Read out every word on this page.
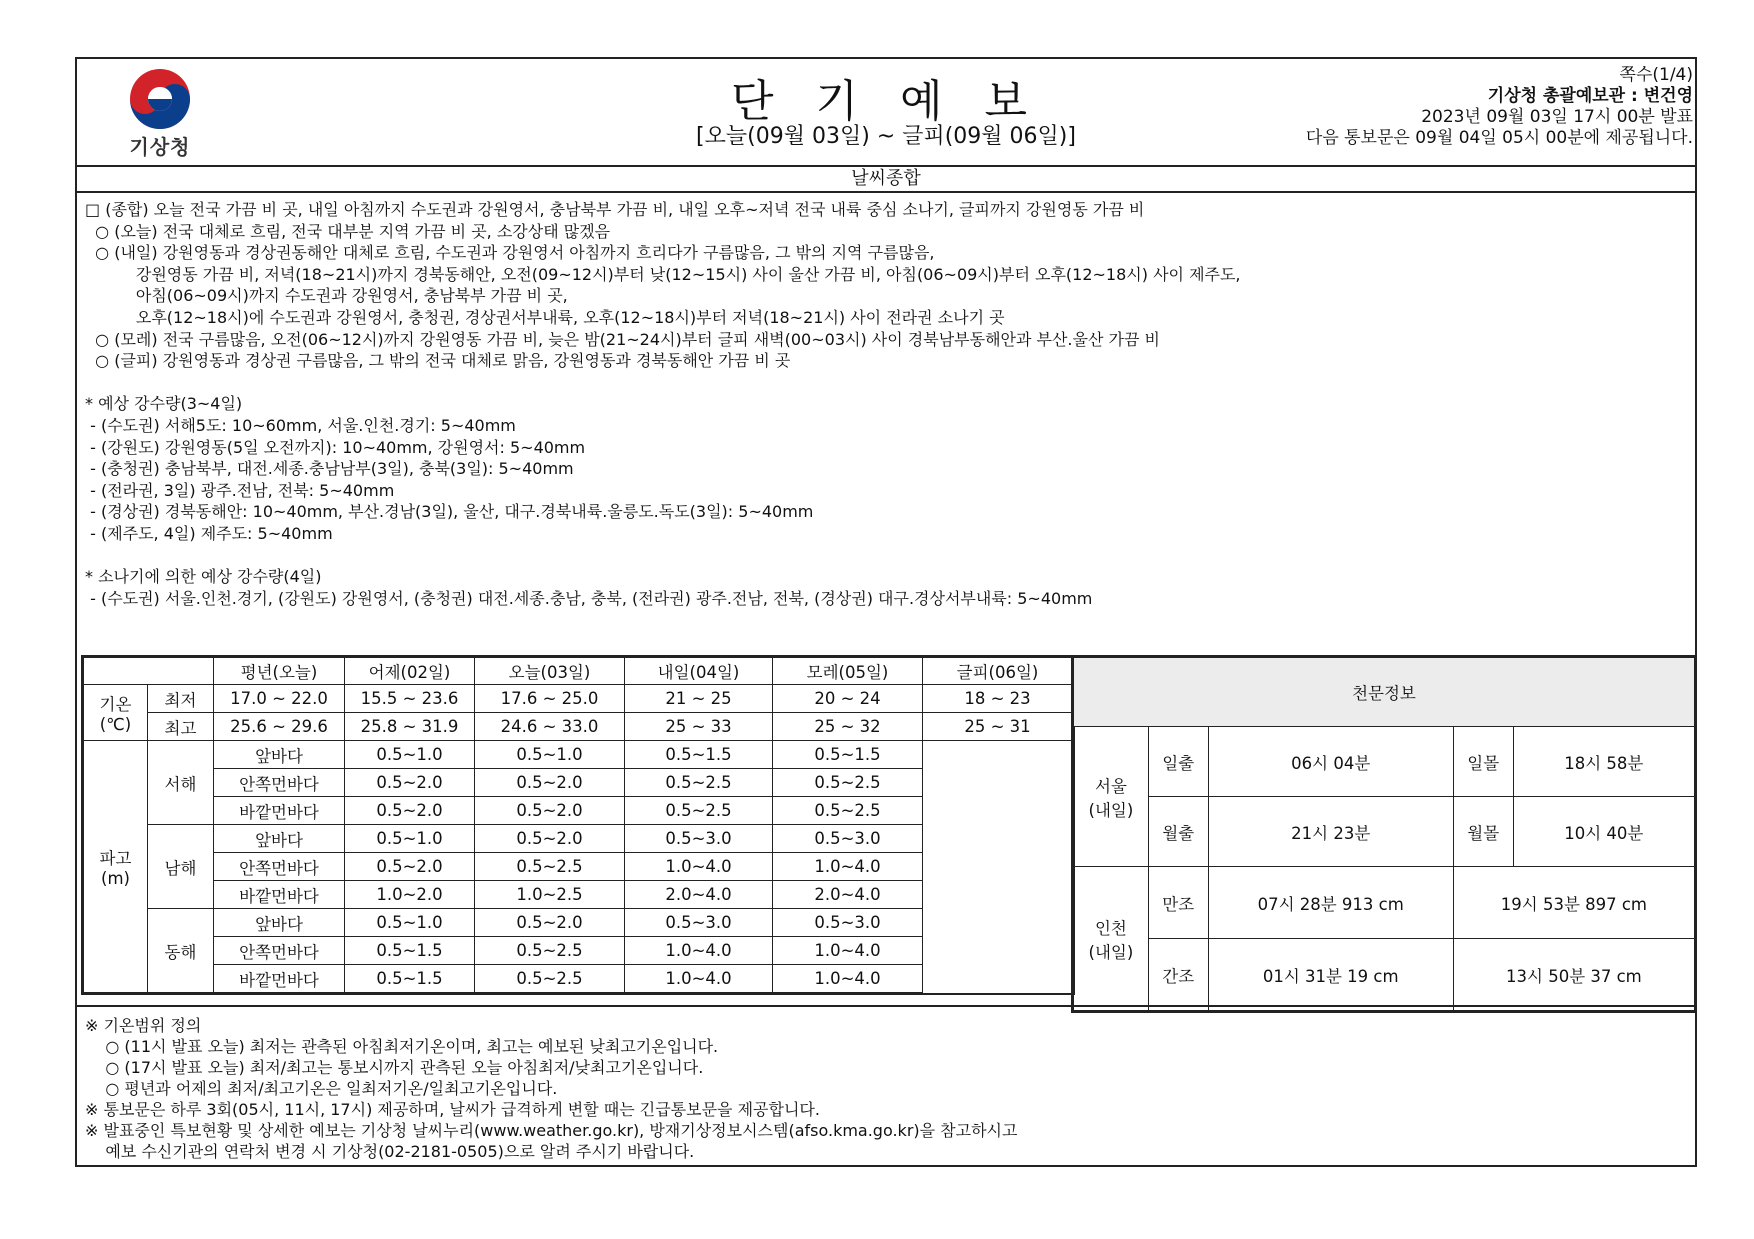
기상청
단 기 예 보
[오늘(09월 03일) ~ 글피(09월 06일)]
쪽수(1/4)
기상청 총괄예보관 : 변건영
2023년 09월 03일 17시 00분 발표
다음 통보문은 09월 04일 05시 00분에 제공됩니다.
날씨종합
□ (종합) 오늘 전국 가끔 비 곳, 내일 아침까지 수도권과 강원영서, 충남북부 가끔 비, 내일 오후~저녁 전국 내륙 중심 소나기, 글피까지 강원영동 가끔 비
○ (오늘) 전국 대체로 흐림, 전국 대부분 지역 가끔 비 곳, 소강상태 많겠음
○ (내일) 강원영동과 경상권동해안 대체로 흐림, 수도권과 강원영서 아침까지 흐리다가 구름많음, 그 밖의 지역 구름많음,
강원영동 가끔 비, 저녁(18~21시)까지 경북동해안, 오전(09~12시)부터 낮(12~15시) 사이 울산 가끔 비, 아침(06~09시)부터 오후(12~18시) 사이 제주도,
아침(06~09시)까지 수도권과 강원영서, 충남북부 가끔 비 곳,
오후(12~18시)에 수도권과 강원영서, 충청권, 경상권서부내륙, 오후(12~18시)부터 저녁(18~21시) 사이 전라권 소나기 곳
○ (모레) 전국 구름많음, 오전(06~12시)까지 강원영동 가끔 비, 늦은 밤(21~24시)부터 글피 새벽(00~03시) 사이 경북남부동해안과 부산.울산 가끔 비
○ (글피) 강원영동과 경상권 구름많음, 그 밖의 전국 대체로 맑음, 강원영동과 경북동해안 가끔 비 곳
* 예상 강수량(3~4일)
- (수도권) 서해5도: 10~60mm, 서울.인천.경기: 5~40mm
- (강원도) 강원영동(5일 오전까지): 10~40mm, 강원영서: 5~40mm
- (충청권) 충남북부, 대전.세종.충남남부(3일), 충북(3일): 5~40mm
- (전라권, 3일) 광주.전남, 전북: 5~40mm
- (경상권) 경북동해안: 10~40mm, 부산.경남(3일), 울산, 대구.경북내륙.울릉도.독도(3일): 5~40mm
- (제주도, 4일) 제주도: 5~40mm
* 소나기에 의한 예상 강수량(4일)
- (수도권) 서울.인천.경기, (강원도) 강원영서, (충청권) 대전.세종.충남, 충북, (전라권) 광주.전남, 전북, (경상권) 대구.경상서부내륙: 5~40mm
		평년(오늘)	어제(02일)	오늘(03일)	내일(04일)	모레(05일)	글피(06일)
기온
(℃)	최저	17.0 ~ 22.0	15.5 ~ 23.6	17.6 ~ 25.0	21 ~ 25	20 ~ 24	18 ~ 23
	최고	25.6 ~ 29.6	25.8 ~ 31.9	24.6 ~ 33.0	25 ~ 33	25 ~ 32	25 ~ 31
파고
(m)	서해	앞바다	0.5~1.0	0.5~1.0	0.5~1.5	0.5~1.5	
		안쪽먼바다	0.5~2.0	0.5~2.0	0.5~2.5	0.5~2.5	
		바깥먼바다	0.5~2.0	0.5~2.0	0.5~2.5	0.5~2.5	
	남해	앞바다	0.5~1.0	0.5~2.0	0.5~3.0	0.5~3.0	
		안쪽먼바다	0.5~2.0	0.5~2.5	1.0~4.0	1.0~4.0	
		바깥먼바다	1.0~2.0	1.0~2.5	2.0~4.0	2.0~4.0	
	동해	앞바다	0.5~1.0	0.5~2.0	0.5~3.0	0.5~3.0	
		안쪽먼바다	0.5~1.5	0.5~2.5	1.0~4.0	1.0~4.0	
		바깥먼바다	0.5~1.5	0.5~2.5	1.0~4.0	1.0~4.0	
천문정보				
서울
(내일)	일출	06시 04분	일몰	18시 58분
	월출	21시 23분	월몰	10시 40분
인천
(내일)	만조	07시 28분 913 cm	19시 53분 897 cm	
	간조	01시 31분 19 cm	13시 50분 37 cm	
※ 기온범위 정의
○ (11시 발표 오늘) 최저는 관측된 아침최저기온이며, 최고는 예보된 낮최고기온입니다.
○ (17시 발표 오늘) 최저/최고는 통보시까지 관측된 오늘 아침최저/낮최고기온입니다.
○ 평년과 어제의 최저/최고기온은 일최저기온/일최고기온입니다.
※ 통보문은 하루 3회(05시, 11시, 17시) 제공하며, 날씨가 급격하게 변할 때는 긴급통보문을 제공합니다.
※ 발표중인 특보현황 및 상세한 예보는 기상청 날씨누리(www.weather.go.kr), 방재기상정보시스템(afso.kma.go.kr)을 참고하시고
예보 수신기관의 연락처 변경 시 기상청(02-2181-0505)으로 알려 주시기 바랍니다.
